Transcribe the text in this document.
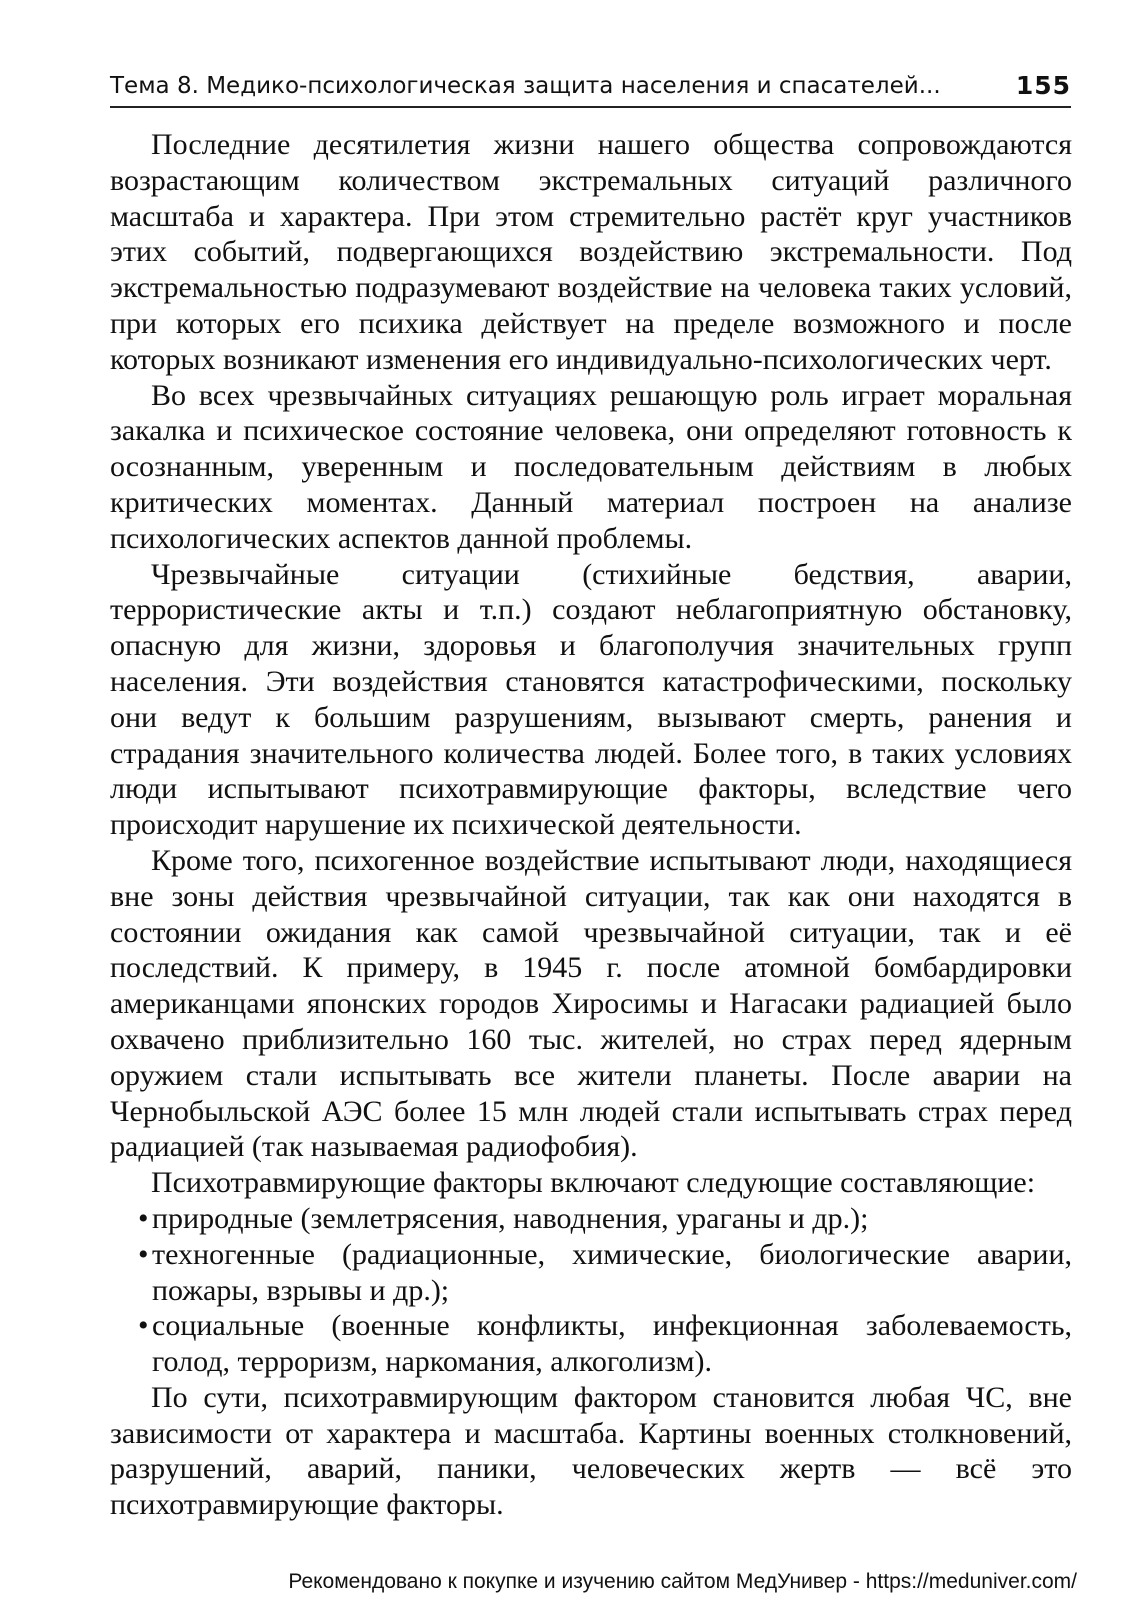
Тема 8. Медико-психологическая защита населения и спасателей...	155

Последние десятилетия жизни нашего общества сопровождаются возрастающим количеством экстремальных ситуаций различного масштаба и характера. При этом стремительно растёт круг участников этих событий, подвергающихся воздействию экстремальности. Под экстремальностью подразумевают воздействие на человека таких условий, при которых его психика действует на пределе возможного и после которых возникают изменения его индивидуально-психологических черт.

Во всех чрезвычайных ситуациях решающую роль играет моральная закалка и психическое состояние человека, они определяют готовность к осознанным, уверенным и последовательным действиям в любых критических моментах. Данный материал построен на анализе психологических аспектов данной проблемы.

Чрезвычайные ситуации (стихийные бедствия, аварии, террористические акты и т.п.) создают неблагоприятную обстановку, опасную для жизни, здоровья и благополучия значительных групп населения. Эти воздействия становятся катастрофическими, поскольку они ведут к большим разрушениям, вызывают смерть, ранения и страдания значительного количества людей. Более того, в таких условиях люди испытывают психотравмирующие факторы, вследствие чего происходит нарушение их психической деятельности.

Кроме того, психогенное воздействие испытывают люди, находящиеся вне зоны действия чрезвычайной ситуации, так как они находятся в состоянии ожидания как самой чрезвычайной ситуации, так и её последствий. К примеру, в 1945 г. после атомной бомбардировки американцами японских городов Хиросимы и Нагасаки радиацией было охвачено приблизительно 160 тыс. жителей, но страх перед ядерным оружием стали испытывать все жители планеты. После аварии на Чернобыльской АЭС более 15 млн людей стали испытывать страх перед радиацией (так называемая радиофобия).

Психотравмирующие факторы включают следующие составляющие:

• природные (землетрясения, наводнения, ураганы и др.);
• техногенные (радиационные, химические, биологические аварии, пожары, взрывы и др.);
• социальные (военные конфликты, инфекционная заболеваемость, голод, терроризм, наркомания, алкоголизм).

По сути, психотравмирующим фактором становится любая ЧС, вне зависимости от характера и масштаба. Картины военных столкновений, разрушений, аварий, паники, человеческих жертв — всё это психотравмирующие факторы.

Рекомендовано к покупке и изучению сайтом МедУнивер - https://meduniver.com/
